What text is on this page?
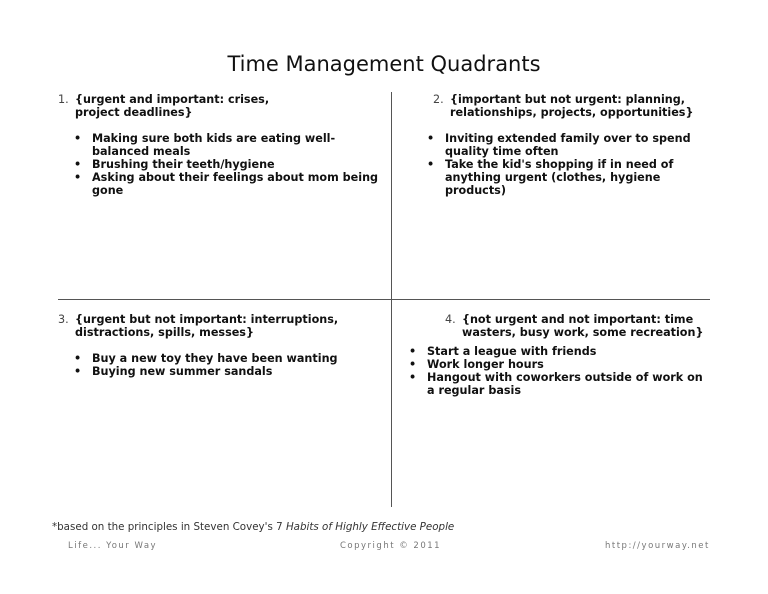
Time Management Quadrants
1. {urgent and important: crises, project deadlines}
• Making sure both kids are eating well-balanced meals
• Brushing their teeth/hygiene
• Asking about their feelings about mom being gone
2. {important but not urgent: planning, relationships, projects, opportunities}
• Inviting extended family over to spend quality time often
• Take the kid's shopping if in need of anything urgent (clothes, hygiene products)
3. {urgent but not important: interruptions, distractions, spills, messes}
• Buy a new toy they have been wanting
• Buying new summer sandals
4. {not urgent and not important: time wasters, busy work, some recreation}
• Start a league with friends
• Work longer hours
• Hangout with coworkers outside of work on a regular basis
*based on the principles in Steven Covey's 7 Habits of Highly Effective People
Life... Your Way	Copyright © 2011	http://yourway.net
